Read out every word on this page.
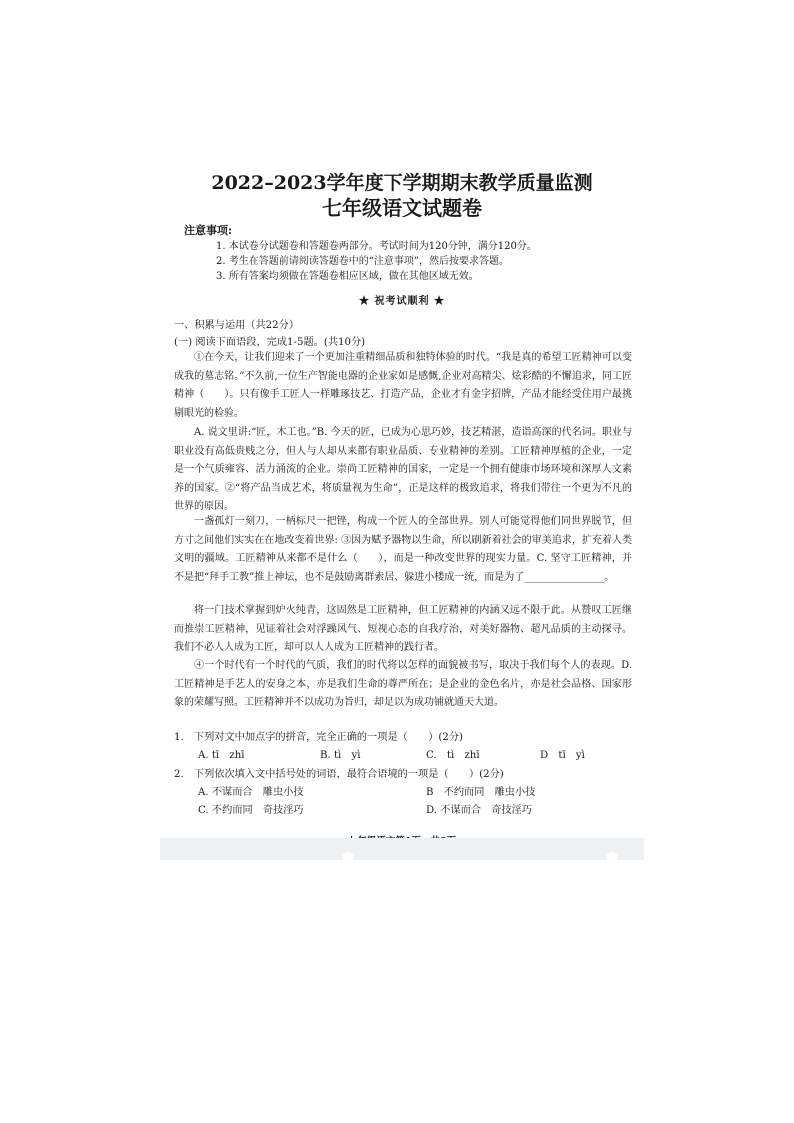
2022–2023学年度下学期期末教学质量监测
七年级语文试题卷
注意事项:
1. 本试卷分试题卷和答题卷两部分。考试时间为120分钟，满分120分。
2. 考生在答题前请阅读答题卷中的“注意事项”，然后按要求答题。
3. 所有答案均须做在答题卷相应区域，做在其他区域无效。
★ 祝考试顺利 ★
一、积累与运用（共22分）
(一) 阅读下面语段，完成1-5题。(共10分)
①在今天，让我们迎来了一个更加注重精细品质和独特体验的时代。“我是真的希望工匠精神可以变成我的墓志铭。”不久前,一位生产智能电器的企业家如是感慨,企业对高精尖、炫彩酷的不懈追求，同工匠精神（　　）。只有像手工匠人一样雕琢技艺、打造产品，企业才有金字招牌，产品才能经受住用户最挑剔眼光的检验。
A. 说文里讲:“匠，木工也。”B. 今天的匠，已成为心思巧妙，技艺精湛，造诣高深的代名词。职业与职业没有高低贵贱之分，但人与人却从来都有职业品质、专业精神的差别。工匠精神厚植的企业，一定是一个气质雍容、活力涌流的企业。崇尚工匠精神的国家，一定是一个拥有健康市场环境和深厚人文素养的国家。②“将产品当成艺术，将质量视为生命”，正是这样的极致追求，将我们带往一个更为不凡的世界的原因。
一盏孤灯一刻刀，一柄标尺一把锉，构成一个匠人的全部世界。别人可能觉得他们同世界脱节，但方寸之间他们实实在在地改变着世界: ③因为赋予器物以生命，所以刷新着社会的审美追求，扩充着人类文明的疆域。工匠精神从来都不是什么（　　），而是一种改变世界的现实力量。C. 坚守工匠精神，并不是把“拜手工教”推上神坛，也不是鼓励离群索居、躲进小楼成一统，而是为了________________。
将一门技术掌握到炉火纯青，这固然是工匠精神，但工匠精神的内涵又远不限于此。从赞叹工匠继而推崇工匠精神，见证着社会对浮躁风气、短视心态的自我疗治，对美好器物、超凡品质的主动探寻。我们不必人人成为工匠，却可以人人成为工匠精神的践行者。
④一个时代有一个时代的气质，我们的时代将以怎样的面貌被书写，取决于我们每个人的表现。D. 工匠精神是手艺人的安身之本，亦是我们生命的尊严所在；是企业的金色名片，亦是社会品格、国家形象的荣耀写照。工匠精神并不以成功为旨归，却足以为成功铺就通天大道。
1.　下列对文中加点字的拼音，完全正确的一项是（　　）(2分)
A. tī　zhī	B. tì　yì	C.　tì　zhī	D　tī　yì
2.　下列依次填入文中括号处的词语，最符合语境的一项是（　　）(2分)
A. 不谋而合　雕虫小技	B　不约而同　雕虫小技
C. 不约而同　奇技淫巧	D. 不谋而合　奇技淫巧
